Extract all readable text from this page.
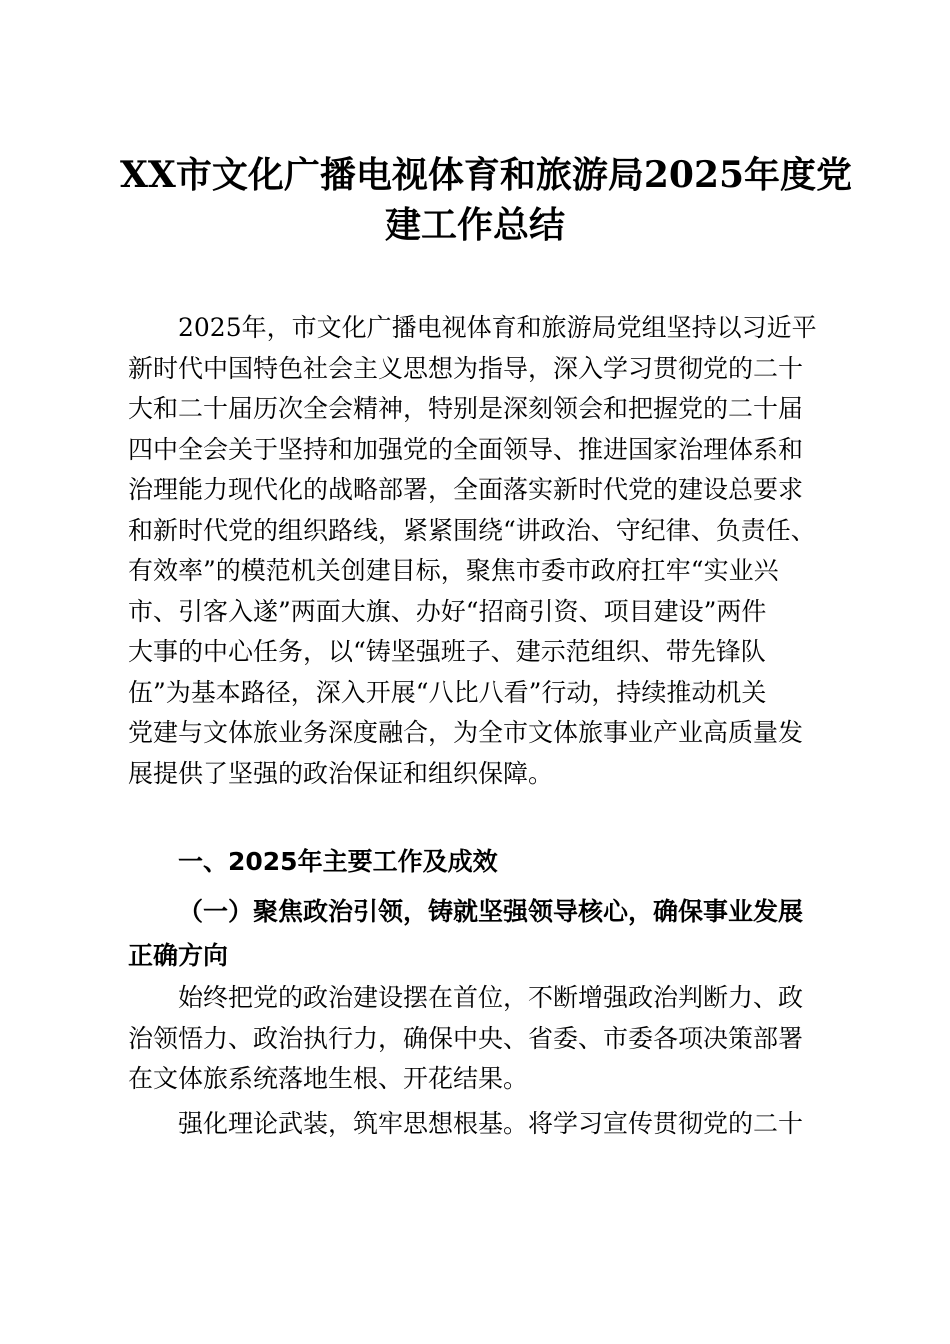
XX市文化广播电视体育和旅游局2025年度党
建工作总结
2025年，市文化广播电视体育和旅游局党组坚持以习近平
新时代中国特色社会主义思想为指导，深入学习贯彻党的二十
大和二十届历次全会精神，特别是深刻领会和把握党的二十届
四中全会关于坚持和加强党的全面领导、推进国家治理体系和
治理能力现代化的战略部署，全面落实新时代党的建设总要求
和新时代党的组织路线，紧紧围绕“讲政治、守纪律、负责任、
有效率”的模范机关创建目标，聚焦市委市政府扛牢“实业兴
市、引客入遂”两面大旗、办好“招商引资、项目建设”两件
大事的中心任务，以“铸坚强班子、建示范组织、带先锋队
伍”为基本路径，深入开展“八比八看”行动，持续推动机关
党建与文体旅业务深度融合，为全市文体旅事业产业高质量发
展提供了坚强的政治保证和组织保障。
一、2025年主要工作及成效
（一）聚焦政治引领，铸就坚强领导核心，确保事业发展
正确方向
始终把党的政治建设摆在首位，不断增强政治判断力、政
治领悟力、政治执行力，确保中央、省委、市委各项决策部署
在文体旅系统落地生根、开花结果。
强化理论武装，筑牢思想根基。将学习宣传贯彻党的二十
